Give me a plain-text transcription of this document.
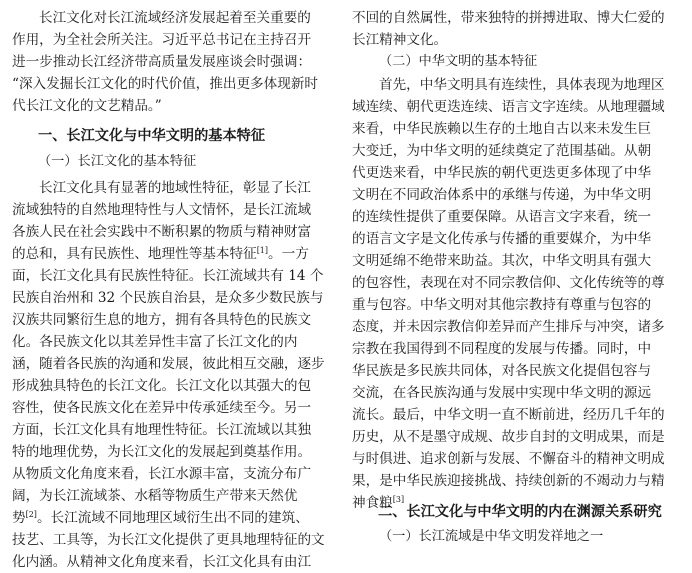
长江文化对长江流域经济发展起着至关重要的
作用，为全社会所关注。习近平总书记在主持召开
进一步推动长江经济带高质量发展座谈会时强调：
“深入发掘长江文化的时代价值，推出更多体现新时
代长江文化的文艺精品。”
一、长江文化与中华文明的基本特征
（一）长江文化的基本特征
长江文化具有显著的地域性特征，彰显了长江
流域独特的自然地理特性与人文情怀，是长江流域
各族人民在社会实践中不断积累的物质与精神财富
的总和，具有民族性、地理性等基本特征[1]。一方
面，长江文化具有民族性特征。长江流域共有 14 个
民族自治州和 32 个民族自治县，是众多少数民族与
汉族共同繁衍生息的地方，拥有各具特色的民族文
化。各民族文化以其差异性丰富了长江文化的内
涵，随着各民族的沟通和发展，彼此相互交融，逐步
形成独具特色的长江文化。长江文化以其强大的包
容性，使各民族文化在差异中传承延续至今。另一
方面，长江文化具有地理性特征。长江流域以其独
特的地理优势，为长江文化的发展起到奠基作用。
从物质文化角度来看，长江水源丰富，支流分布广
阔，为长江流域茶、水稻等物质生产带来天然优
势[2]。长江流域不同地理区域衍生出不同的建筑、
技艺、工具等，为长江文化提供了更具地理特征的文
化内涵。从精神文化角度来看，长江文化具有由江
不回的自然属性，带来独特的拼搏进取、博大仁爱的
长江精神文化。
（二）中华文明的基本特征
首先，中华文明具有连续性，具体表现为地理区
域连续、朝代更迭连续、语言文字连续。从地理疆域
来看，中华民族赖以生存的土地自古以来未发生巨
大变迁，为中华文明的延续奠定了范围基础。从朝
代更迭来看，中华民族的朝代更迭更多体现了中华
文明在不同政治体系中的承继与传递，为中华文明
的连续性提供了重要保障。从语言文字来看，统一
的语言文字是文化传承与传播的重要媒介，为中华
文明延绵不绝带来助益。其次，中华文明具有强大
的包容性，表现在对不同宗教信仰、文化传统等的尊
重与包容。中华文明对其他宗教持有尊重与包容的
态度，并未因宗教信仰差异而产生排斥与冲突，诸多
宗教在我国得到不同程度的发展与传播。同时，中
华民族是多民族共同体，对各民族文化提倡包容与
交流，在各民族沟通与发展中实现中华文明的源远
流长。最后，中华文明一直不断前进，经历几千年的
历史，从不是墨守成规、故步自封的文明成果，而是
与时俱进、追求创新与发展、不懈奋斗的精神文明成
果，是中华民族迎接挑战、持续创新的不竭动力与精
神食粮[3]
二、长江文化与中华文明的内在渊源关系研究
（一）长江流域是中华文明发祥地之一
